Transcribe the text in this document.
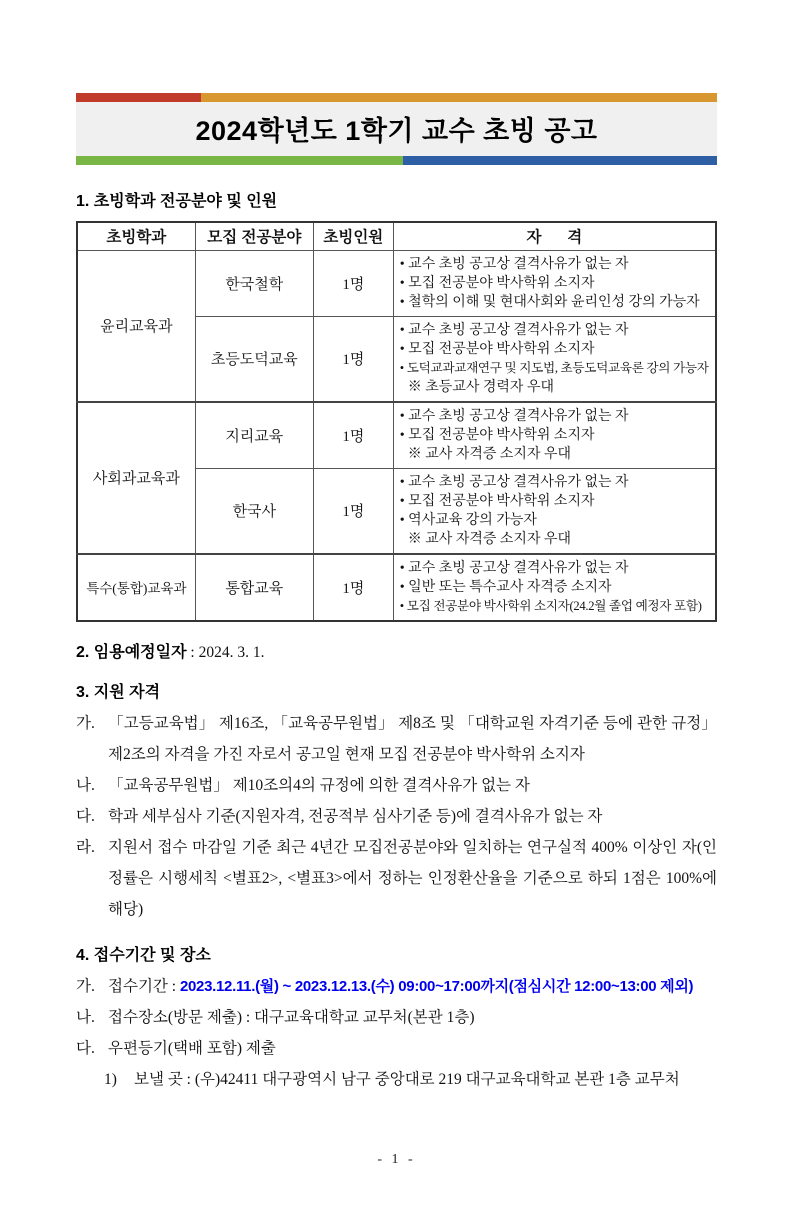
2024학년도 1학기 교수 초빙 공고
1. 초빙학과 전공분야 및 인원
초빙학과	모집 전공분야	초빙인원	자      격
윤리교육과	한국철학	1명	• 교수 초빙 공고상 결격사유가 없는 자
• 모집 전공분야 박사학위 소지자
• 철학의 이해 및 현대사회와 윤리인성 강의 가능자

	초등도덕교육	1명	• 교수 초빙 공고상 결격사유가 없는 자
• 모집 전공분야 박사학위 소지자
• 도덕교과교재연구 및 지도법, 초등도덕교육론 강의 가능자
※ 초등교사 경력자 우대

사회과교육과	지리교육	1명	• 교수 초빙 공고상 결격사유가 없는 자
• 모집 전공분야 박사학위 소지자
※ 교사 자격증 소지자 우대

	한국사	1명	• 교수 초빙 공고상 결격사유가 없는 자
• 모집 전공분야 박사학위 소지자
• 역사교육 강의 가능자
※ 교사 자격증 소지자 우대

특수(통합)교육과	통합교육	1명	• 교수 초빙 공고상 결격사유가 없는 자
• 일반 또는 특수교사 자격증 소지자
• 모집 전공분야 박사학위 소지자(24.2월 졸업 예정자 포함)
2. 임용예정일자 : 2024. 3. 1.
3. 지원 자격
가. 「고등교육법」 제16조, 「교육공무원법」 제8조 및 「대학교원 자격기준 등에 관한 규정」 제2조의 자격을 가진 자로서 공고일 현재 모집 전공분야 박사학위 소지자
나. 「교육공무원법」 제10조의4의 규정에 의한 결격사유가 없는 자
다. 학과 세부심사 기준(지원자격, 전공적부 심사기준 등)에 결격사유가 없는 자
라. 지원서 접수 마감일 기준 최근 4년간 모집전공분야와 일치하는 연구실적 400% 이상인 자(인정률은 시행세칙 <별표2>, <별표3>에서 정하는 인정환산율을 기준으로 하되 1점은 100%에 해당)
4. 접수기간 및 장소
가. 접수기간 : 2023.12.11.(월) ~ 2023.12.13.(수) 09:00~17:00까지(점심시간 12:00~13:00 제외)
나. 접수장소(방문 제출) : 대구교육대학교 교무처(본관 1층)
다. 우편등기(택배 포함) 제출
1)	보낼 곳 : (우)42411 대구광역시 남구 중앙대로 219 대구교육대학교 본관 1층 교무처
- 1 -
